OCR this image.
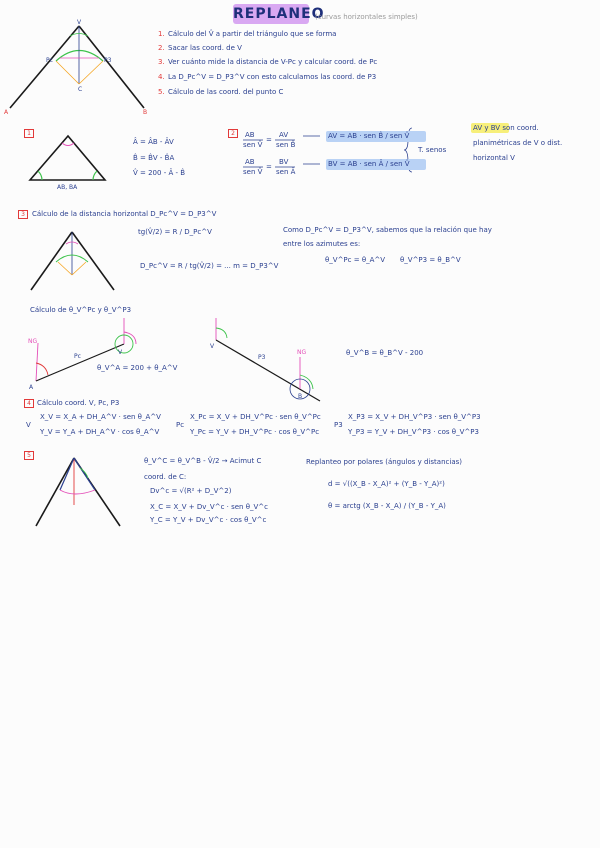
REPLANEO
(curvas horizontales simples)
V
A	B
C
Pc	P3
1. Cálculo del V̂ a partir del triángulo que se forma
2. Sacar las coord. de V
3. Ver cuánto mide la distancia de V-Pc y calcular coord. de Pc
4. La D_Pc^V = D_P3^V con esto calculamos las coord. de P3
5. Cálculo de las coord. del punto C
1
AB, BA
Â = ÂB - ÂV
B̂ = B̂V - B̂A
V̂ = 200 - Â - B̂
2	AB
sen V̂
=
AV
sen B̂
AV = AB · sen B̂ / sen V̂
AB
sen V̂
=
BV
sen Â
BV = AB · sen Â / sen V̂
T. senos
AV y BV son coord.
planimétricas de V o dist.
horizontal V
3	Cálculo de la distancia horizontal D_Pc^V = D_P3^V
tg(V̂/2) = R / D_Pc^V
D_Pc^V = R / tg(V̂/2) = ... m = D_P3^V
Como D_Pc^V = D_P3^V, sabemos que la relación que hay
entre los azimutes es:
θ_V^Pc = θ_A^V θ_V^P3 = θ_B^V
Cálculo de θ_V^Pc y θ_V^P3
NG
A
Pc
V
θ_V^A = 200 + θ_A^V
V
P3
NG
B
θ_V^B = θ_B^V - 200
4 Cálculo coord. V, Pc, P3
V
X_V = X_A + DH_A^V · sen θ_A^V
Y_V = Y_A + DH_A^V · cos θ_A^V
Pc
X_Pc = X_V + DH_V^Pc · sen θ_V^Pc
Y_Pc = Y_V + DH_V^Pc · cos θ_V^Pc
P3
X_P3 = X_V + DH_V^P3 · sen θ_V^P3
Y_P3 = Y_V + DH_V^P3 · cos θ_V^P3
5
θ_V^C = θ_V^B - V̂/2 → Acimut C
coord. de C:
Dv^c = √(R² + D_V^2)
X_C = X_V + Dv_V^c · sen θ_V^c
Y_C = Y_V + Dv_V^c · cos θ_V^c
Replanteo por polares (ángulos y distancias)
d = √((X_B - X_A)² + (Y_B - Y_A)²)
θ = arctg (X_B - X_A) / (Y_B - Y_A)
